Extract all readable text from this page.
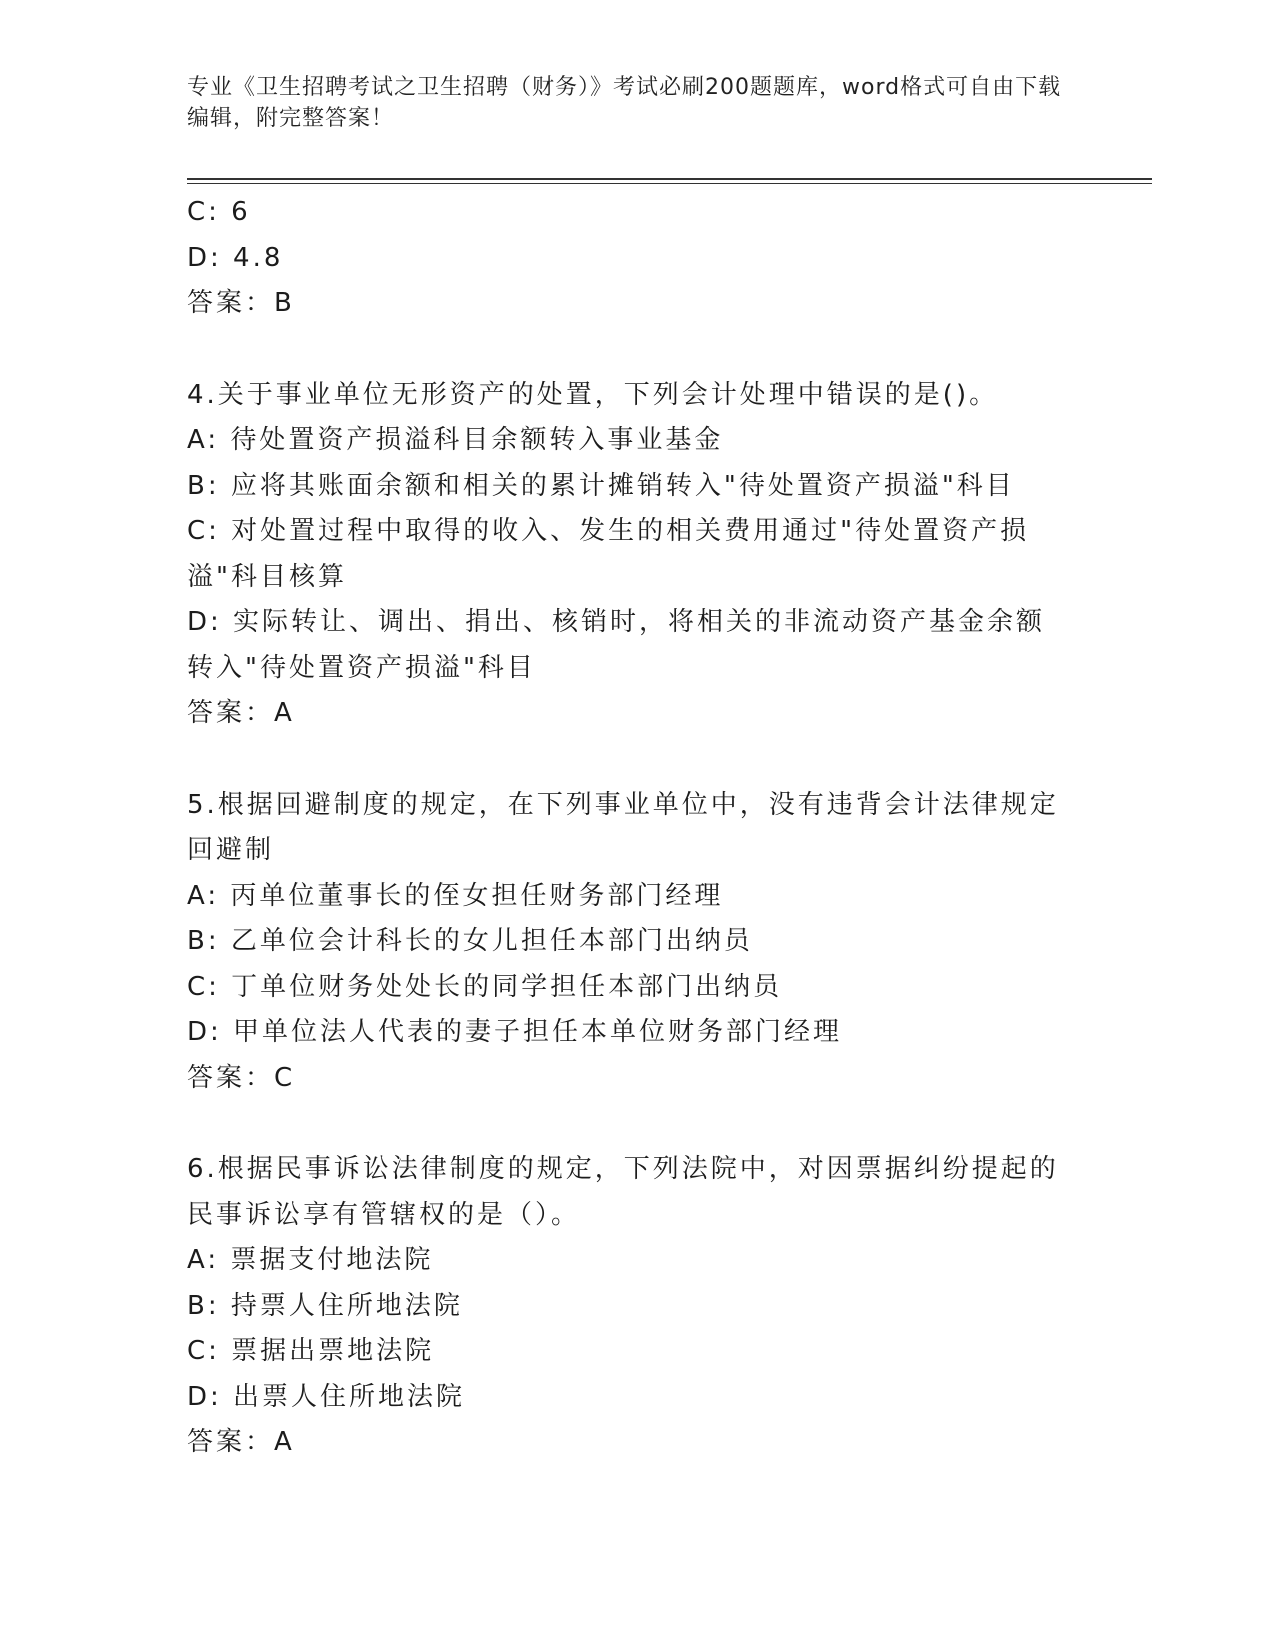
专业《卫生招聘考试之卫生招聘（财务）》考试必刷200题题库，word格式可自由下载编辑，附完整答案！
C: 6
D: 4.8
答案：B
4.关于事业单位无形资产的处置，下列会计处理中错误的是()。
A: 待处置资产损溢科目余额转入事业基金
B: 应将其账面余额和相关的累计摊销转入"待处置资产损溢"科目
C: 对处置过程中取得的收入、发生的相关费用通过"待处置资产损溢"科目核算
D: 实际转让、调出、捐出、核销时，将相关的非流动资产基金余额转入"待处置资产损溢"科目
答案：A
5.根据回避制度的规定，在下列事业单位中，没有违背会计法律规定回避制
A: 丙单位董事长的侄女担任财务部门经理
B: 乙单位会计科长的女儿担任本部门出纳员
C: 丁单位财务处处长的同学担任本部门出纳员
D: 甲单位法人代表的妻子担任本单位财务部门经理
答案：C
6.根据民事诉讼法律制度的规定，下列法院中，对因票据纠纷提起的民事诉讼享有管辖权的是（）。
A: 票据支付地法院
B: 持票人住所地法院
C: 票据出票地法院
D: 出票人住所地法院
答案：A
